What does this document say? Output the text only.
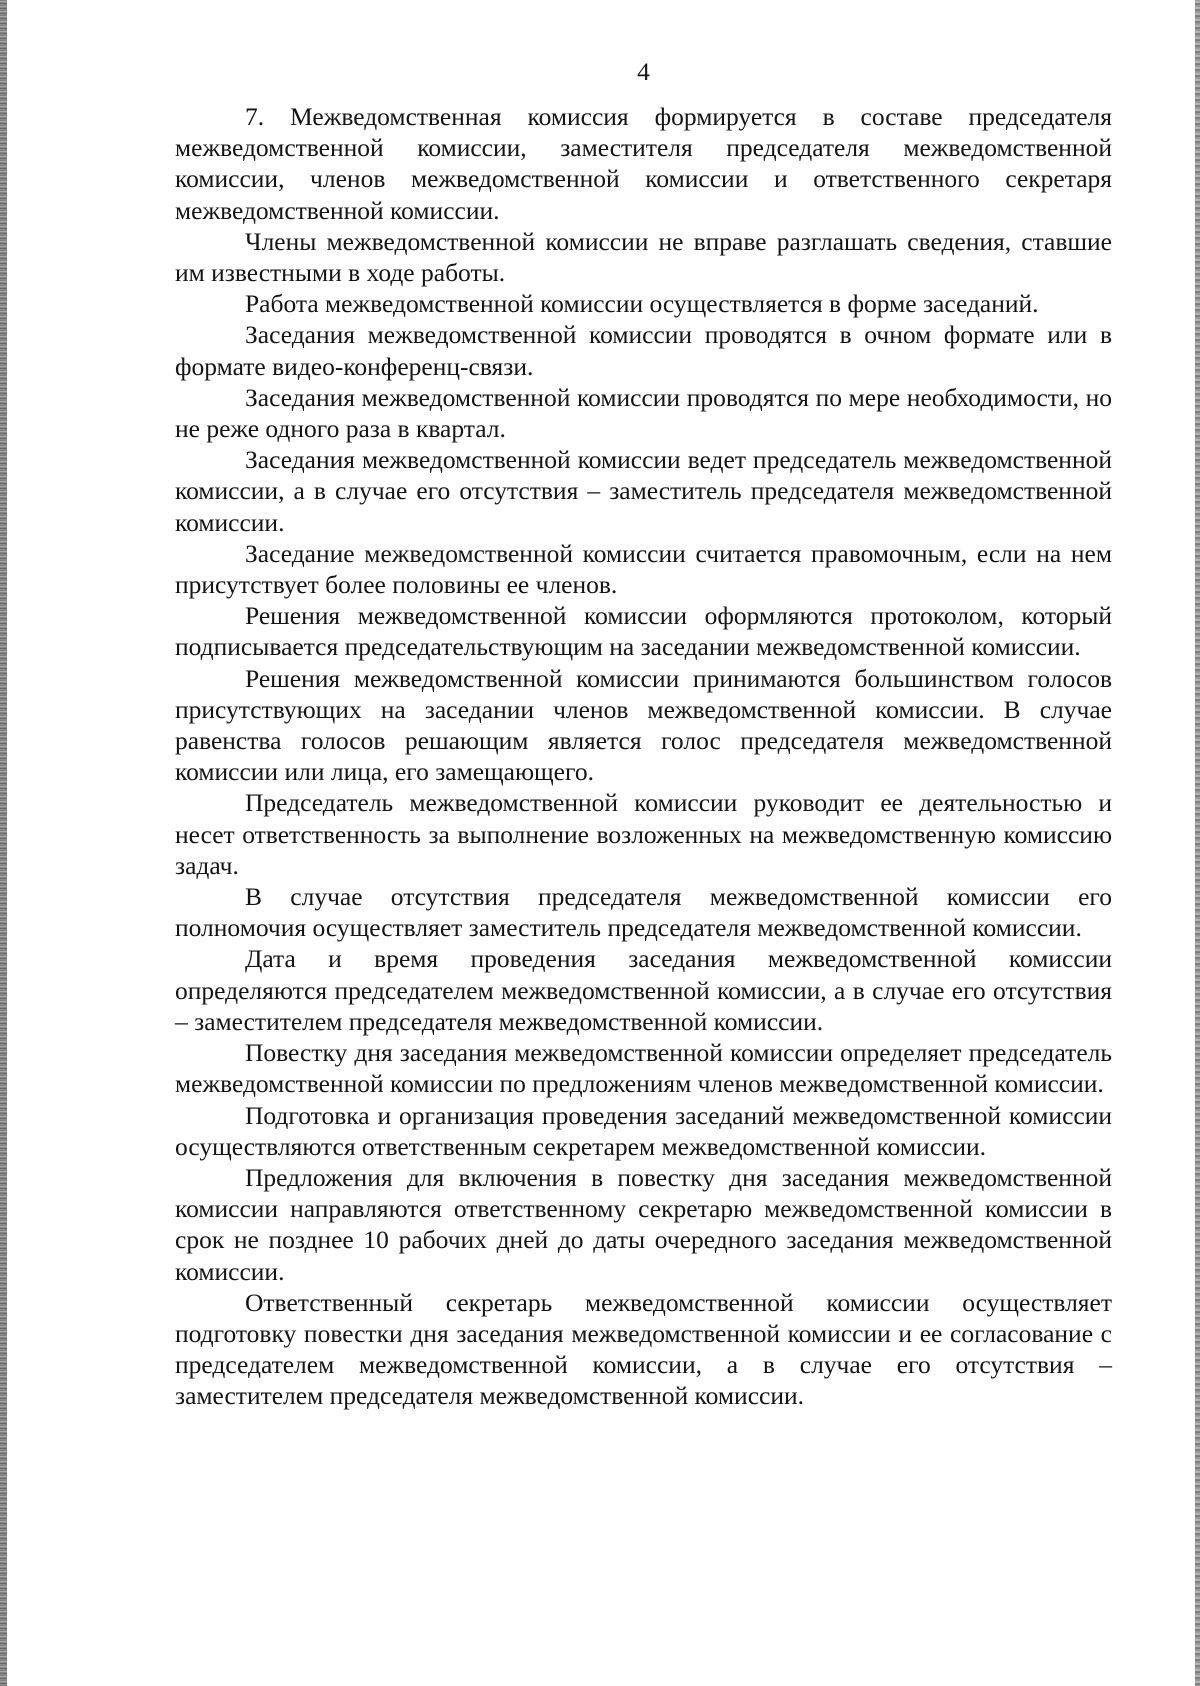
4

7. Межведомственная комиссия формируется в составе председателя межведомственной комиссии, заместителя председателя межведомственной комиссии, членов межведомственной комиссии и ответственного секретаря межведомственной комиссии.

Члены межведомственной комиссии не вправе разглашать сведения, ставшие им известными в ходе работы.

Работа межведомственной комиссии осуществляется в форме заседаний.

Заседания межведомственной комиссии проводятся в очном формате или в формате видео-конференц-связи.

Заседания межведомственной комиссии проводятся по мере необходимости, но не реже одного раза в квартал.

Заседания межведомственной комиссии ведет председатель межведомственной комиссии, а в случае его отсутствия – заместитель председателя межведомственной комиссии.

Заседание межведомственной комиссии считается правомочным, если на нем присутствует более половины ее членов.

Решения межведомственной комиссии оформляются протоколом, который подписывается председательствующим на заседании межведомственной комиссии.

Решения межведомственной комиссии принимаются большинством голосов присутствующих на заседании членов межведомственной комиссии. В случае равенства голосов решающим является голос председателя межведомственной комиссии или лица, его замещающего.

Председатель межведомственной комиссии руководит ее деятельностью и несет ответственность за выполнение возложенных на межведомственную комиссию задач.

В случае отсутствия председателя межведомственной комиссии его полномочия осуществляет заместитель председателя межведомственной комиссии.

Дата и время проведения заседания межведомственной комиссии определяются председателем межведомственной комиссии, а в случае его отсутствия – заместителем председателя межведомственной комиссии.

Повестку дня заседания межведомственной комиссии определяет председатель межведомственной комиссии по предложениям членов межведомственной комиссии.

Подготовка и организация проведения заседаний межведомственной комиссии осуществляются ответственным секретарем межведомственной комиссии.

Предложения для включения в повестку дня заседания межведомственной комиссии направляются ответственному секретарю межведомственной комиссии в срок не позднее 10 рабочих дней до даты очередного заседания межведомственной комиссии.

Ответственный секретарь межведомственной комиссии осуществляет подготовку повестки дня заседания межведомственной комиссии и ее согласование с председателем межведомственной комиссии, а в случае его отсутствия – заместителем председателя межведомственной комиссии.
